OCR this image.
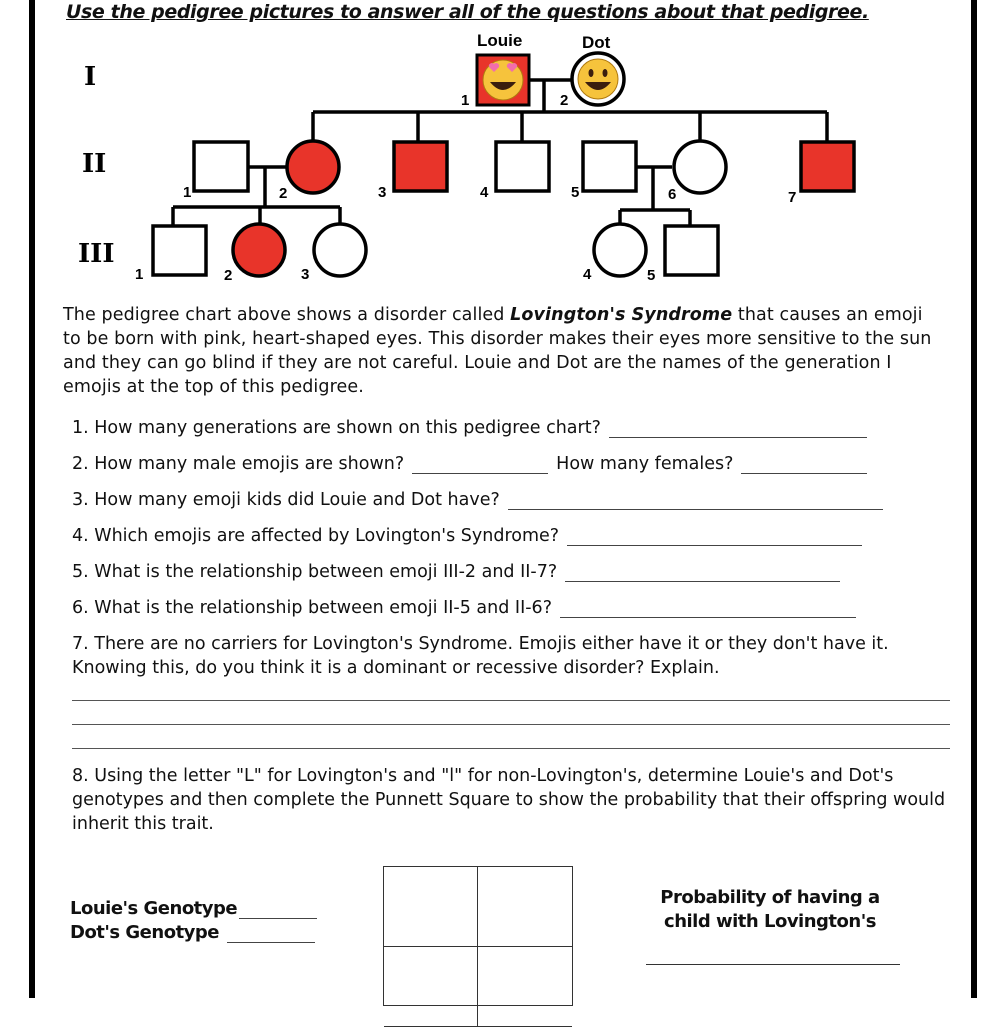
Use the pedigree pictures to answer all of the questions about that pedigree.
Louie	Dot
1	2
I
II
III
1	2	3	4	5	6	7
1	2	3	4	5
The pedigree chart above shows a disorder called Lovington's Syndrome that causes an emoji to be born with pink, heart-shaped eyes. This disorder makes their eyes more sensitive to the sun and they can go blind if they are not careful. Louie and Dot are the names of the generation I emojis at the top of this pedigree.
1. How many generations are shown on this pedigree chart?
2. How many male emojis are shown?	How many females?
3. How many emoji kids did Louie and Dot have?
4. Which emojis are affected by Lovington's Syndrome?
5. What is the relationship between emoji III-2 and II-7?
6. What is the relationship between emoji II-5 and II-6?
7. There are no carriers for Lovington's Syndrome. Emojis either have it or they don't have it. Knowing this, do you think it is a dominant or recessive disorder? Explain.
8. Using the letter "L" for Lovington's and "l" for non-Lovington's, determine Louie's and Dot's genotypes and then complete the Punnett Square to show the probability that their offspring would inherit this trait.
Louie's Genotype
Dot's Genotype
Probability of having a child with Lovington's
